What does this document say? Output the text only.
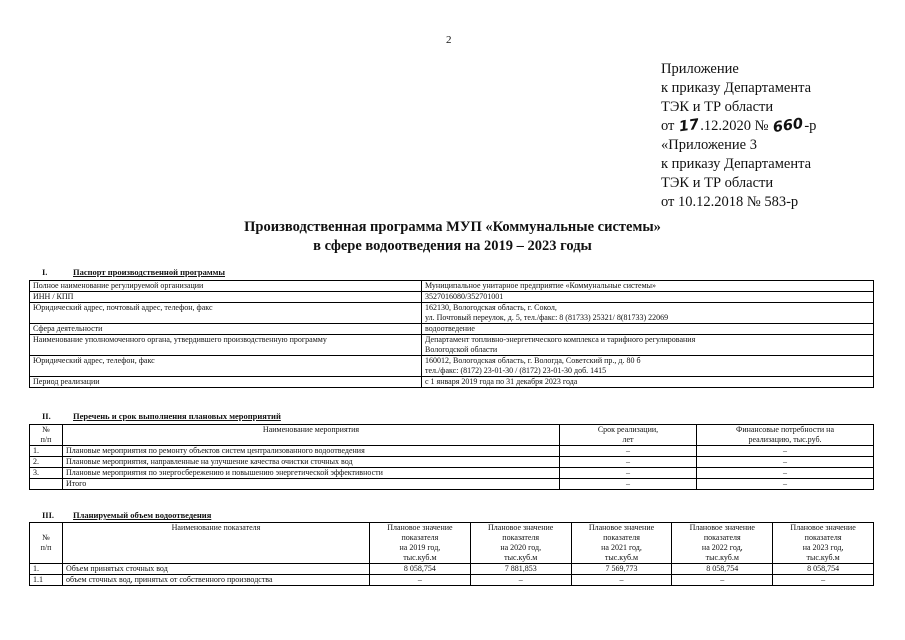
2
Приложение
к приказу Департамента
ТЭК и ТР области
от 17.12.2020 № 660-р
«Приложение 3
к приказу Департамента
ТЭК и ТР области
от 10.12.2018 № 583-р
Производственная программа МУП «Коммунальные системы»
в сфере водоотведения на 2019 – 2023 годы
I.	Паспорт производственной программы
Полное наименование регулируемой организации	Муниципальное унитарное предприятие «Коммунальные системы»

ИНН / КПП	3527016080/352701001

Юридический адрес, почтовый адрес, телефон, факс	162130, Вологодская область, г. Сокол,
ул. Почтовый переулок, д. 5, тел./факс: 8 (81733) 25321/ 8(81733) 22069

Сфера деятельности	водоотведение

Наименование уполномоченного органа, утвердившего производственную программу	Департамент топливно-энергетического комплекса и тарифного регулирования
Вологодской области

Юридический адрес, телефон, факс	160012, Вологодская область, г. Вологда, Советский пр., д. 80 б
тел./факс: (8172) 23-01-30 / (8172) 23-01-30 доб. 1415

Период реализации	с 1 января 2019 года по 31 декабря 2023 года
II.	Перечень и срок выполнения плановых мероприятий
№
п/п	Наименование мероприятия	Срок реализации,
лет	Финансовые потребности на
реализацию, тыс.руб.
1.	Плановые мероприятия по ремонту объектов систем централизованного водоотведения	–	–
2.	Плановые мероприятия, направленные на улучшение качества очистки сточных вод	–	–
3.	Плановые мероприятия по энергосбережению и повышению энергетической эффективности	–	–
	Итого	–	–
III. Планируемый объем водоотведения
№
п/п	Наименование показателя	Плановое значение
показателя
на 2019 год,
тыс.куб.м	Плановое значение
показателя
на 2020 год,
тыс.куб.м	Плановое значение
показателя
на 2021 год,
тыс.куб.м	Плановое значение
показателя
на 2022 год,
тыс.куб.м	Плановое значение
показателя
на 2023 год,
тыс.куб.м
1.	Объем принятых сточных вод	8 058,754	7 881,853	7 569,773	8 058,754	8 058,754
1.1	объем сточных вод, принятых от собственного производства	–	–	–	–	–
